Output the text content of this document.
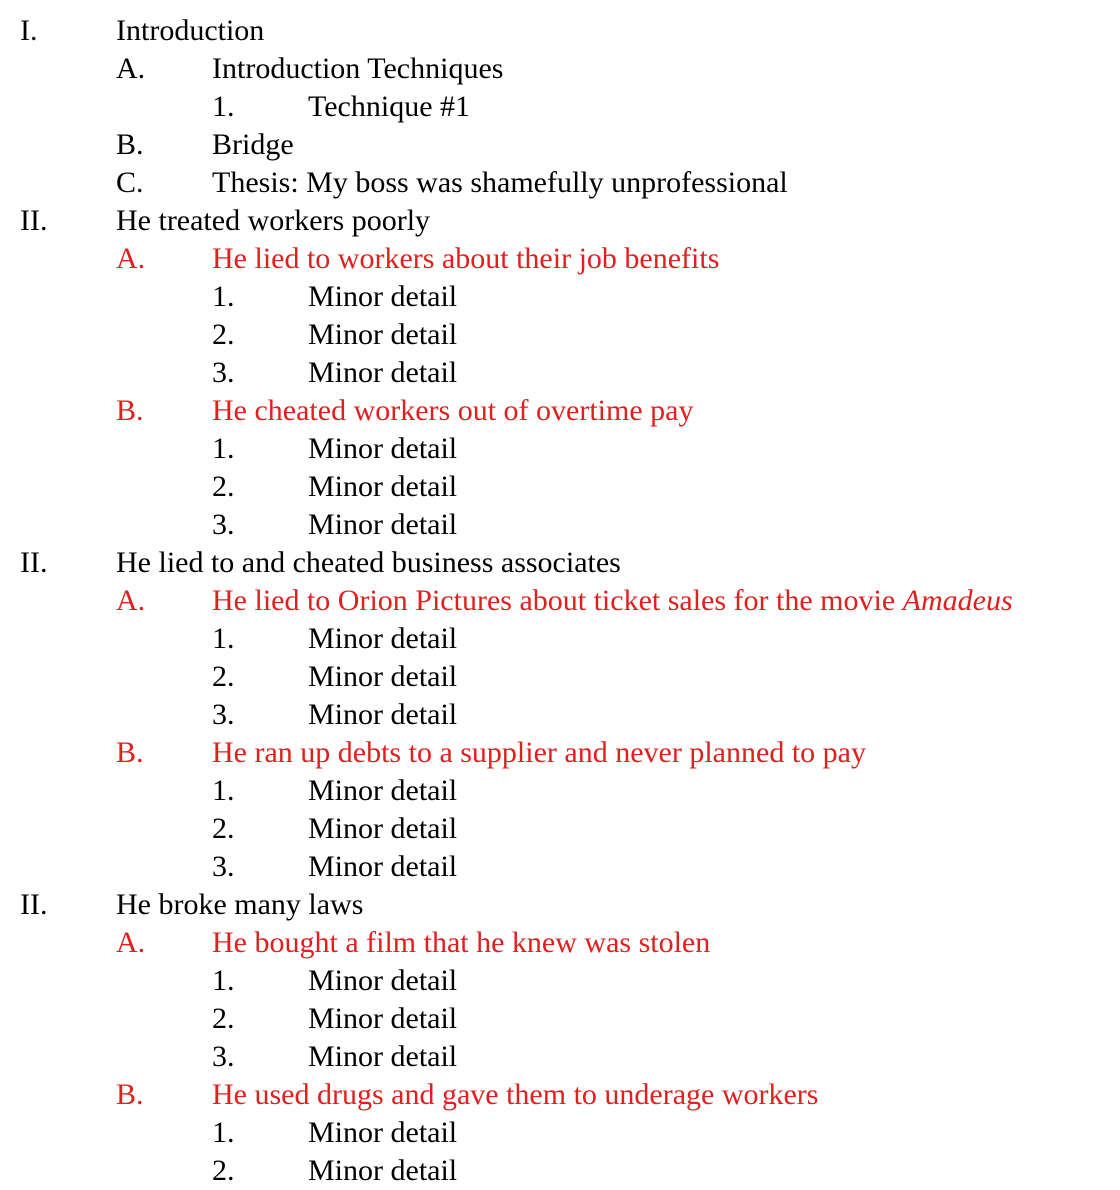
I.	Introduction
A. Introduction Techniques
1. Technique #1
B. Bridge
C. Thesis: My boss was shamefully unprofessional
II. He treated workers poorly
A. He lied to workers about their job benefits
1. Minor detail
2. Minor detail
3. Minor detail
B. He cheated workers out of overtime pay
1. Minor detail
2. Minor detail
3. Minor detail
II. He lied to and cheated business associates
A. He lied to Orion Pictures about ticket sales for the movie Amadeus
1. Minor detail
2. Minor detail
3. Minor detail
B. He ran up debts to a supplier and never planned to pay
1. Minor detail
2. Minor detail
3. Minor detail
II. He broke many laws
A. He bought a film that he knew was stolen
1. Minor detail
2. Minor detail
3. Minor detail
B. He used drugs and gave them to underage workers
1. Minor detail
2. Minor detail
